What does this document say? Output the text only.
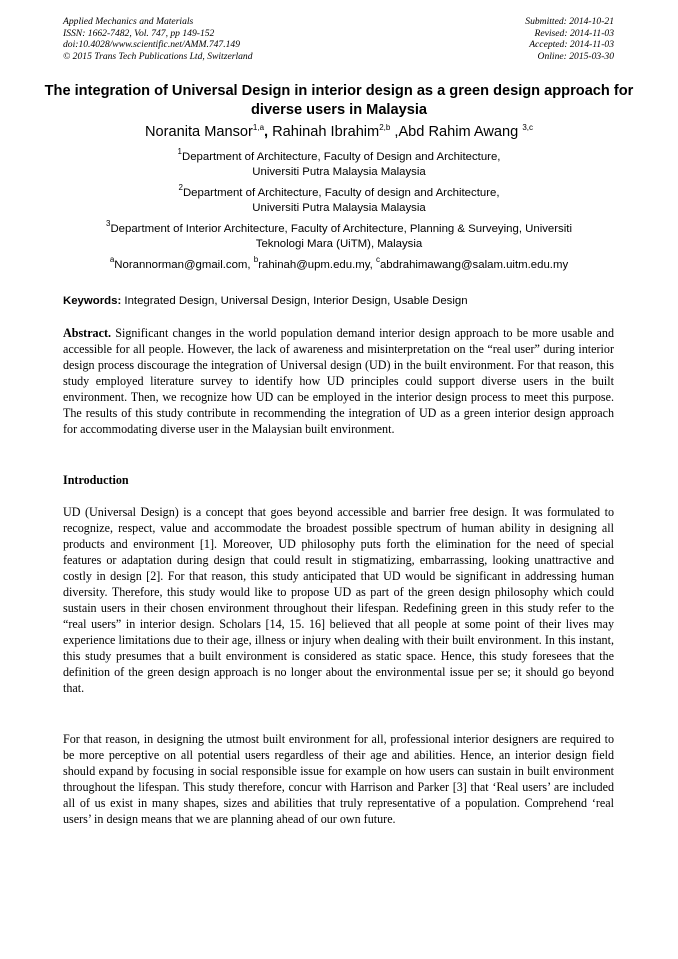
Applied Mechanics and Materials
ISSN: 1662-7482, Vol. 747, pp 149-152
doi:10.4028/www.scientific.net/AMM.747.149
© 2015 Trans Tech Publications Ltd, Switzerland
Submitted: 2014-10-21
Revised: 2014-11-03
Accepted: 2014-11-03
Online: 2015-03-30
The integration of Universal Design in interior design as a green design approach for diverse users in Malaysia
Noranita Mansor$^{1,a}$, Rahinah Ibrahim$^{2,b}$ ,Abd Rahim Awang $^{3,c}$
$^1$Department of Architecture, Faculty of Design and Architecture,
Universiti Putra Malaysia Malaysia
$^2$Department of Architecture, Faculty of design and Architecture,
Universiti Putra Malaysia Malaysia
$^3$Department of Interior Architecture, Faculty of Architecture, Planning & Surveying, Universiti
Teknologi Mara (UiTM), Malaysia
$^a$Norannorman@gmail.com, $^b$rahinah@upm.edu.my, $^c$abdrahimawang@salam.uitm.edu.my
Keywords: Integrated Design, Universal Design, Interior Design, Usable Design
Abstract. Significant changes in the world population demand interior design approach to be more usable and accessible for all people. However, the lack of awareness and misinterpretation on the “real user” during interior design process discourage the integration of Universal design (UD) in the built environment. For that reason, this study employed literature survey to identify how UD principles could support diverse users in the built environment. Then, we recognize how UD can be employed in the interior design process to meet this purpose. The results of this study contribute in recommending the integration of UD as a green interior design approach for accommodating diverse user in the Malaysian built environment.
Introduction
UD (Universal Design) is a concept that goes beyond accessible and barrier free design. It was formulated to recognize, respect, value and accommodate the broadest possible spectrum of human ability in designing all products and environment [1]. Moreover, UD philosophy puts forth the elimination for the need of special features or adaptation during design that could result in stigmatizing, embarrassing, looking unattractive and costly in design [2]. For that reason, this study anticipated that UD would be significant in addressing human diversity. Therefore, this study would like to propose UD as part of the green design philosophy which could sustain users in their chosen environment throughout their lifespan. Redefining green in this study refer to the “real users” in interior design. Scholars [14, 15. 16] believed that all people at some point of their lives may experience limitations due to their age, illness or injury when dealing with their built environment. In this instant, this study presumes that a built environment is considered as static space. Hence, this study foresees that the definition of the green design approach is no longer about the environmental issue per se; it should go beyond that.
For that reason, in designing the utmost built environment for all, professional interior designers are required to be more perceptive on all potential users regardless of their age and abilities. Hence, an interior design field should expand by focusing in social responsible issue for example on how users can sustain in built environment throughout the lifespan. This study therefore, concur with Harrison and Parker [3] that ‘Real users’ are included all of us exist in many shapes, sizes and abilities that truly representative of a population. Comprehend ‘real users’ in design means that we are planning ahead of our own future.
